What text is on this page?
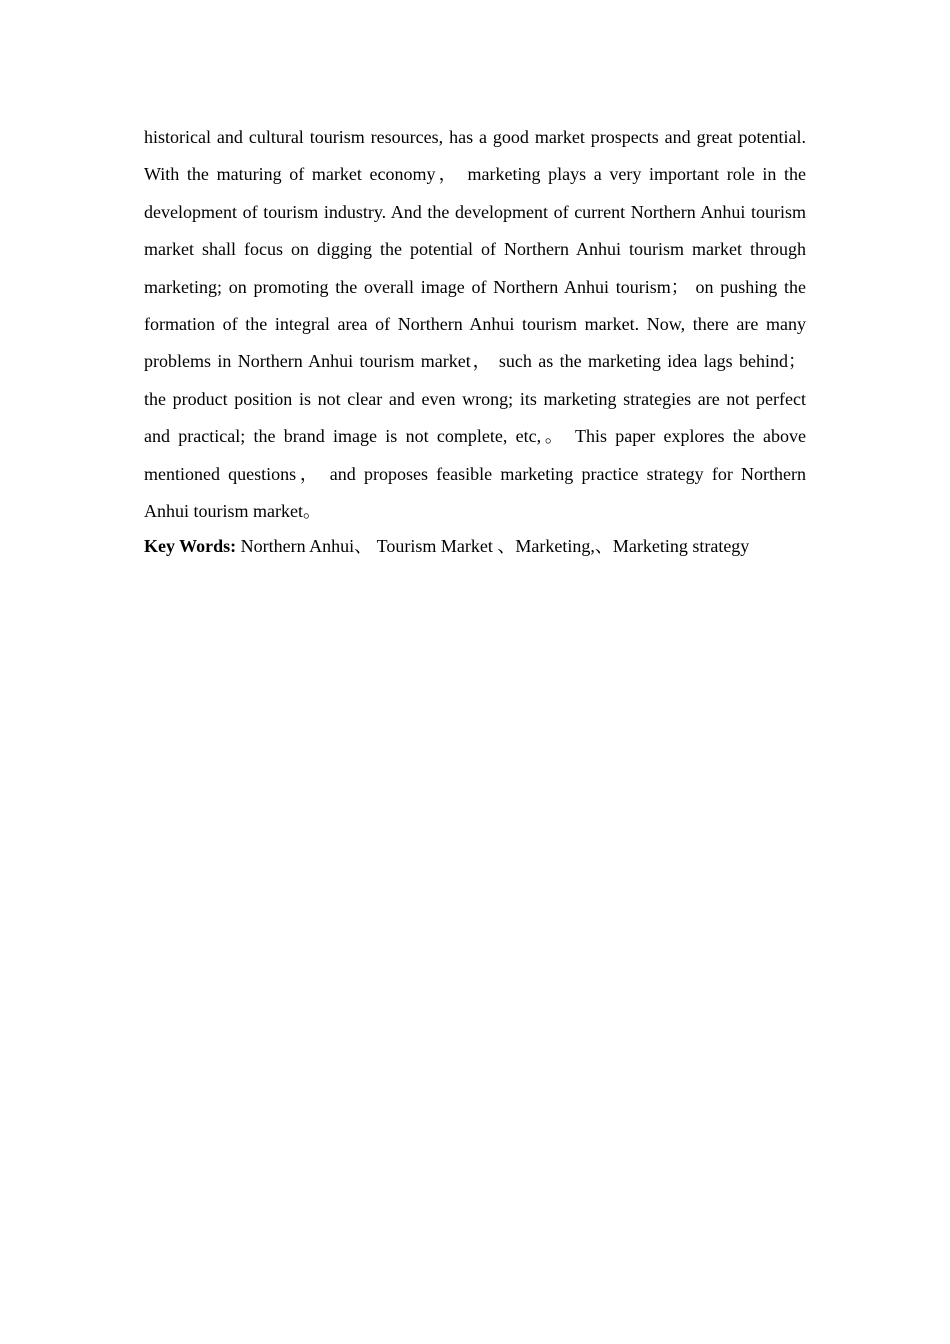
historical and cultural tourism resources, has a good market prospects and great potential. With the maturing of market economy， marketing plays a very important role in the development of tourism industry. And the development of current Northern Anhui tourism market shall focus on digging the potential of Northern Anhui tourism market through marketing; on promoting the overall image of Northern Anhui tourism； on pushing the formation of the integral area of Northern Anhui tourism market. Now, there are many problems in Northern Anhui tourism market， such as the marketing idea lags behind； the product position is not clear and even wrong; its marketing strategies are not perfect and practical; the brand image is not complete, etc,。 This paper explores the above mentioned questions， and proposes feasible marketing practice strategy for Northern Anhui tourism market。

Key Words: Northern Anhui、 Tourism Market 、Marketing,、Marketing strategy
